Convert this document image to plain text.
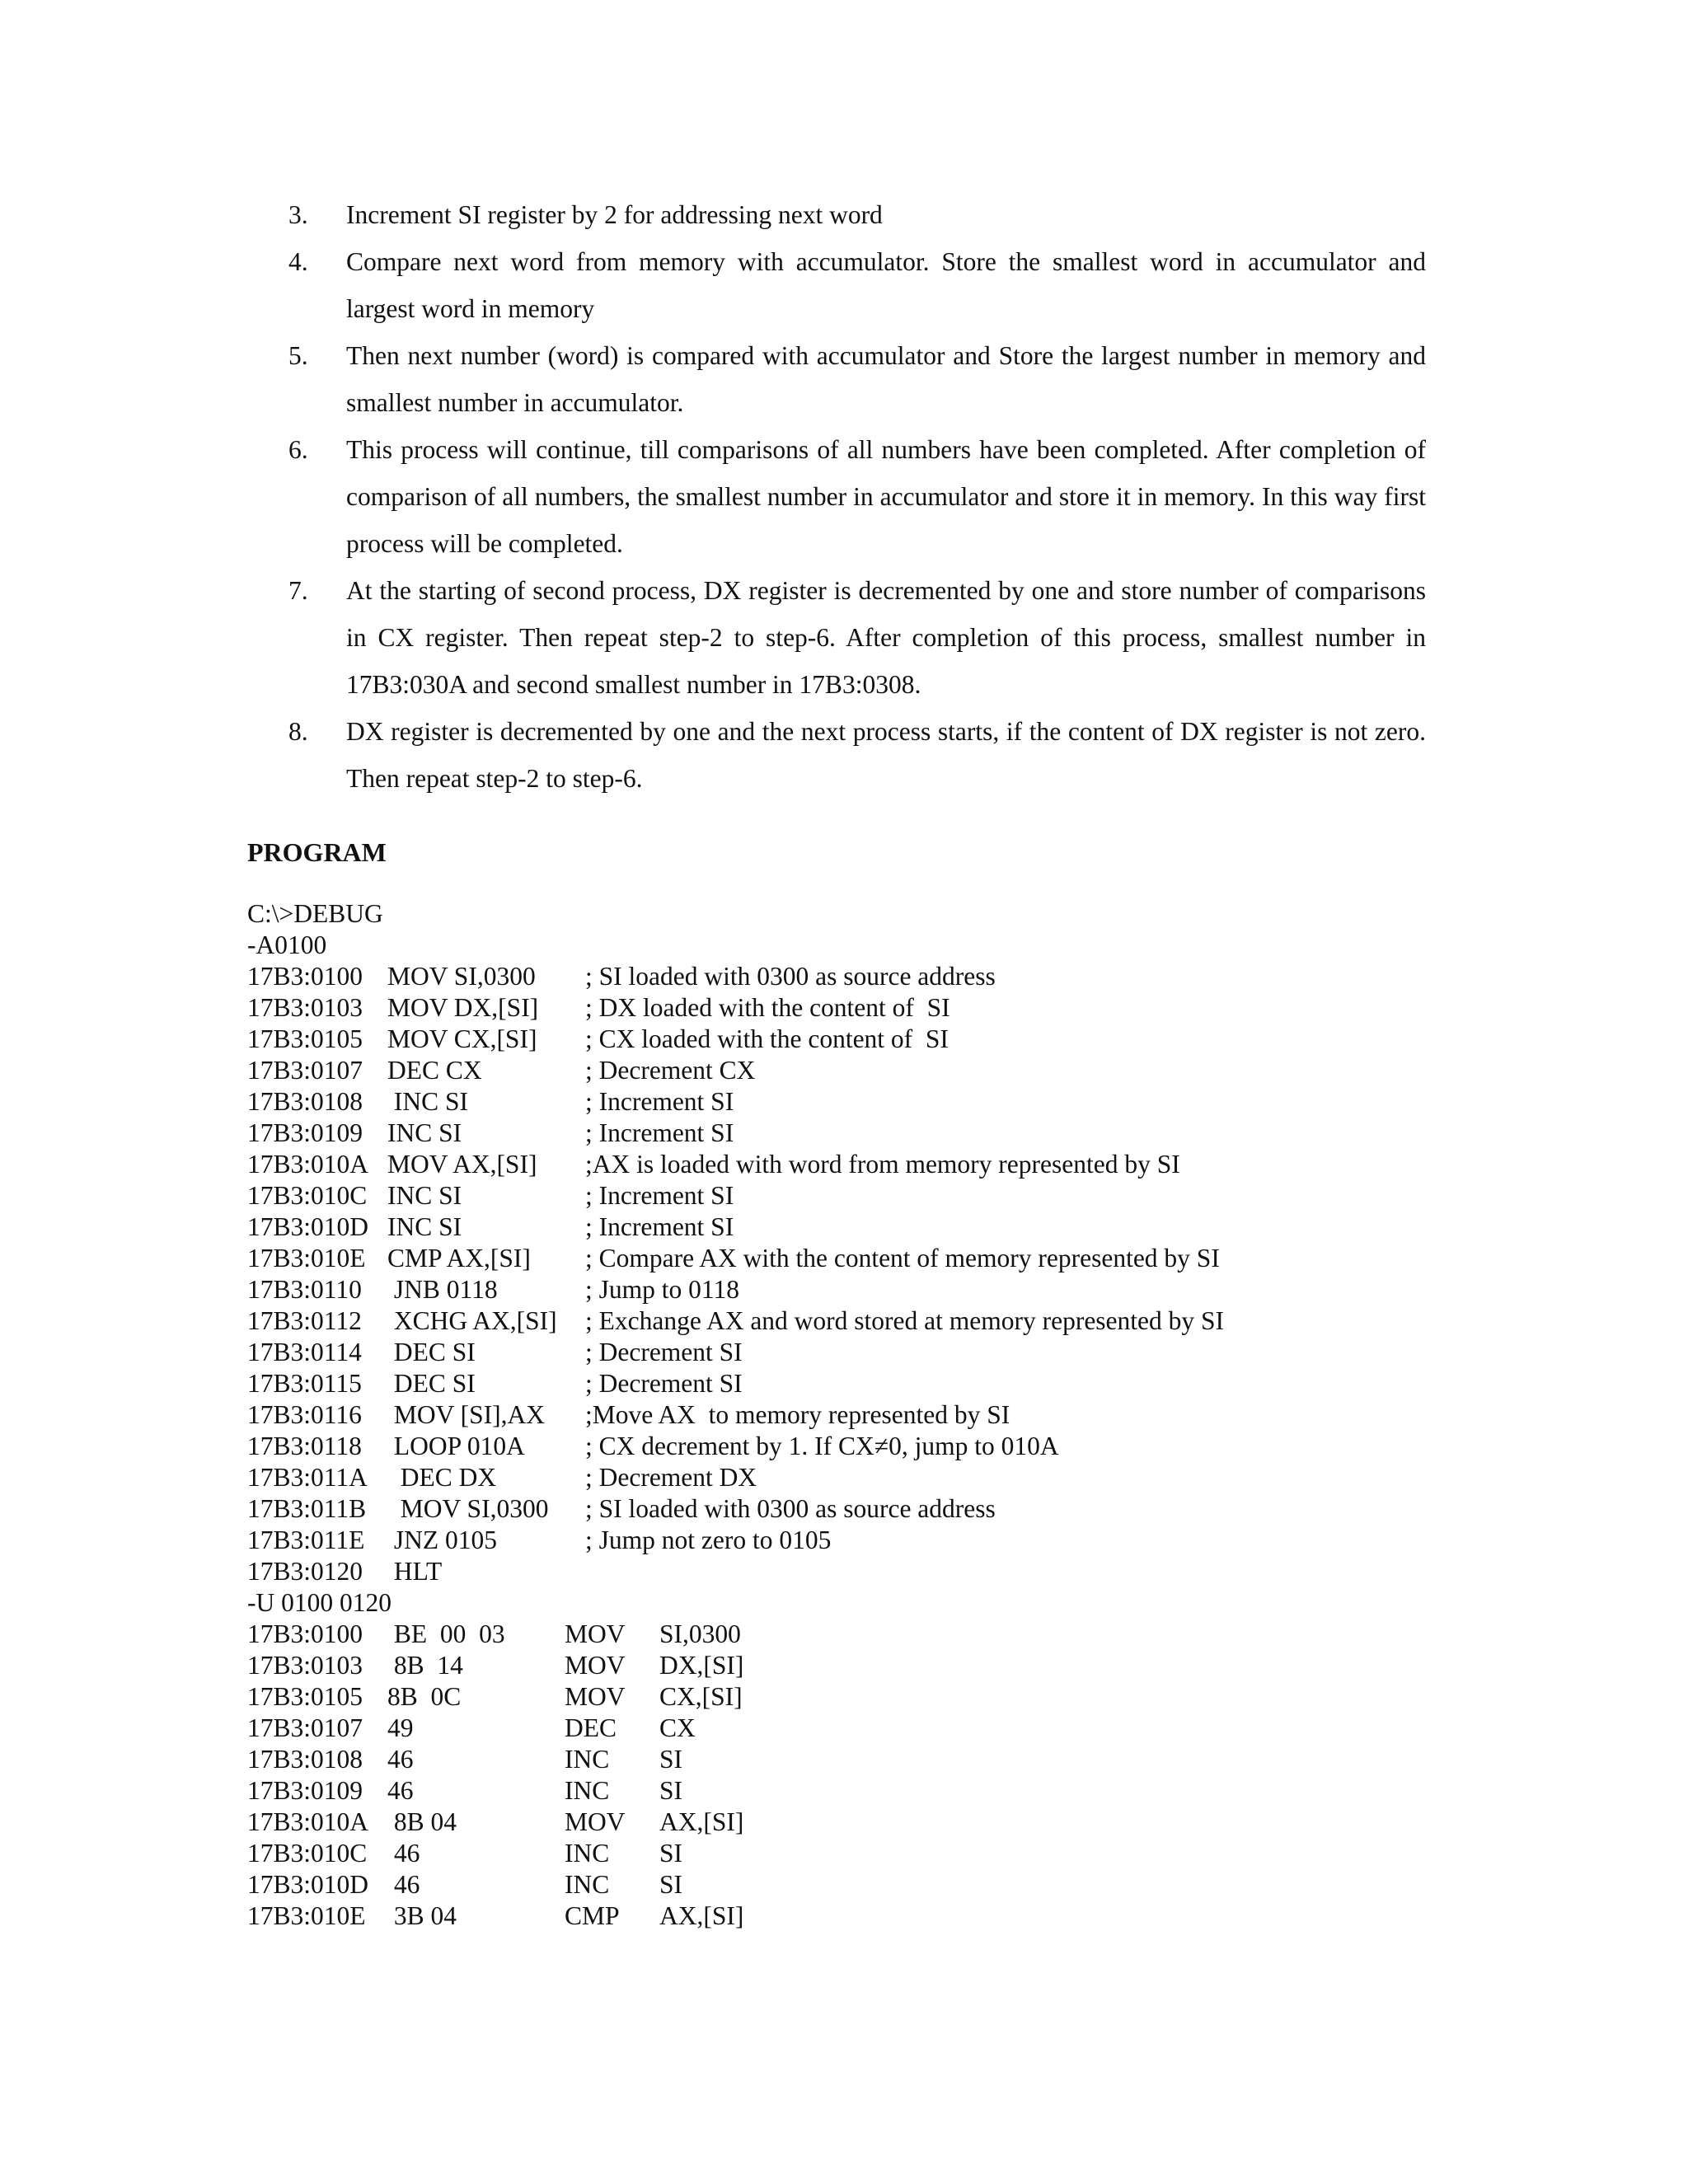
3.	Increment SI register by 2 for addressing next word
4.	Compare next word from memory with accumulator. Store the smallest word in accumulator and largest word in memory
5.	Then next number (word) is compared with accumulator and Store the largest number in memory and smallest number in accumulator.
6.	This process will continue, till comparisons of all numbers have been completed. After completion of comparison of all numbers, the smallest number in accumulator and store it in memory. In this way first process will be completed.
7.	At the starting of second process, DX register is decremented by one and store number of comparisons in CX register. Then repeat step-2 to step-6. After completion of this process, smallest number in 17B3:030A and second smallest number in 17B3:0308.
8.	DX register is decremented by one and the next process starts, if the content of DX register is not zero. Then repeat step-2 to step-6.
PROGRAM

C:\>DEBUG

-A0100

17B3:0100 MOV SI,0300 ; SI loaded with 0300 as source address
17B3:0103 MOV DX,[SI] ; DX loaded with the content of  SI
17B3:0105 MOV CX,[SI] ; CX loaded with the content of  SI
17B3:0107 DEC CX	; Decrement CX
17B3:0108 INC SI	; Increment SI
17B3:0109 INC SI	; Increment SI
17B3:010A MOV AX,[SI] ;AX is loaded with word from memory represented by SI
17B3:010C INC SI	; Increment SI
17B3:010D INC SI	; Increment SI
17B3:010E CMP AX,[SI] ; Compare AX with the content of memory represented by SI
17B3:0110 JNB 0118	; Jump to 0118
17B3:0112 XCHG AX,[SI] ; Exchange AX and word stored at memory represented by SI
17B3:0114 DEC SI	; Decrement SI
17B3:0115 DEC SI	; Decrement SI
17B3:0116 MOV [SI],AX ;Move AX  to memory represented by SI
17B3:0118 LOOP 010A ; CX decrement by 1. If CX≠0, jump to 010A
17B3:011A DEC DX	; Decrement DX
17B3:011B MOV SI,0300 ; SI loaded with 0300 as source address
17B3:011E JNZ 0105	; Jump not zero to 0105
17B3:0120 HLT

-U 0100 0120

17B3:0100 BE  00  03 MOV SI,0300
17B3:0103 8B  14	MOV DX,[SI]
17B3:0105 8B  0C	MOV CX,[SI]
17B3:0107 49	DEC CX
17B3:0108 46	INC SI
17B3:0109 46	INC SI
17B3:010A 8B 04	MOV AX,[SI]
17B3:010C 46	INC SI
17B3:010D 46	INC SI
17B3:010E 3B 04	CMP AX,[SI]
